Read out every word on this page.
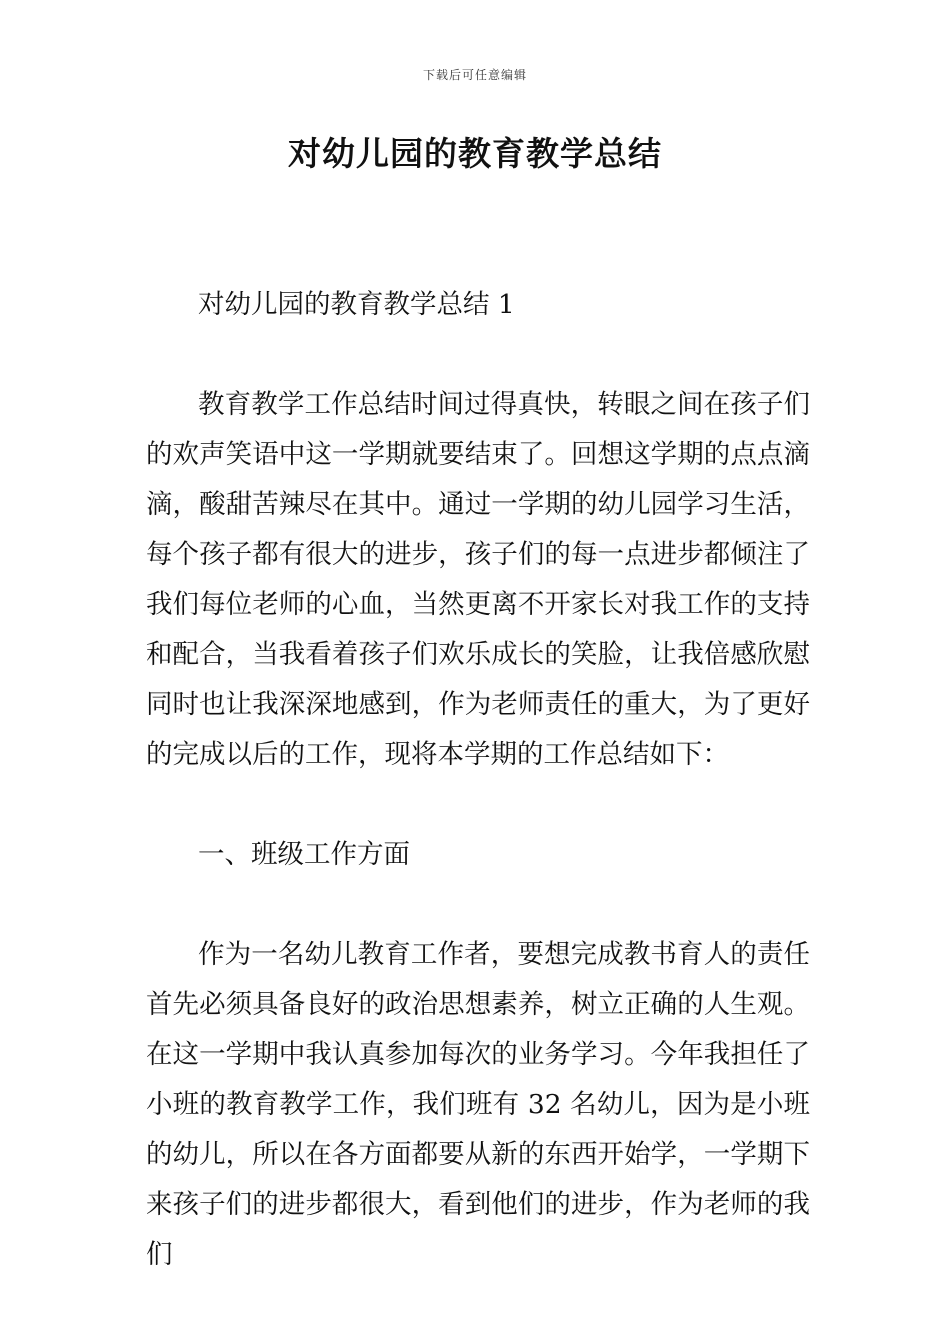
下载后可任意编辑
对幼儿园的教育教学总结

对幼儿园的教育教学总结 1

教育教学工作总结时间过得真快，转眼之间在孩子们的欢声笑语中这一学期就要结束了。回想这学期的点点滴滴，酸甜苦辣尽在其中。通过一学期的幼儿园学习生活，每个孩子都有很大的进步，孩子们的每一点进步都倾注了我们每位老师的心血，当然更离不开家长对我工作的支持和配合，当我看着孩子们欢乐成长的笑脸，让我倍感欣慰同时也让我深深地感到，作为老师责任的重大，为了更好的完成以后的工作，现将本学期的工作总结如下：

一、班级工作方面

作为一名幼儿教育工作者，要想完成教书育人的责任首先必须具备良好的政治思想素养，树立正确的人生观。在这一学期中我认真参加每次的业务学习。今年我担任了小班的教育教学工作，我们班有 32 名幼儿，因为是小班的幼儿，所以在各方面都要从新的东西开始学，一学期下来孩子们的进步都很大，看到他们的进步，作为老师的我们
